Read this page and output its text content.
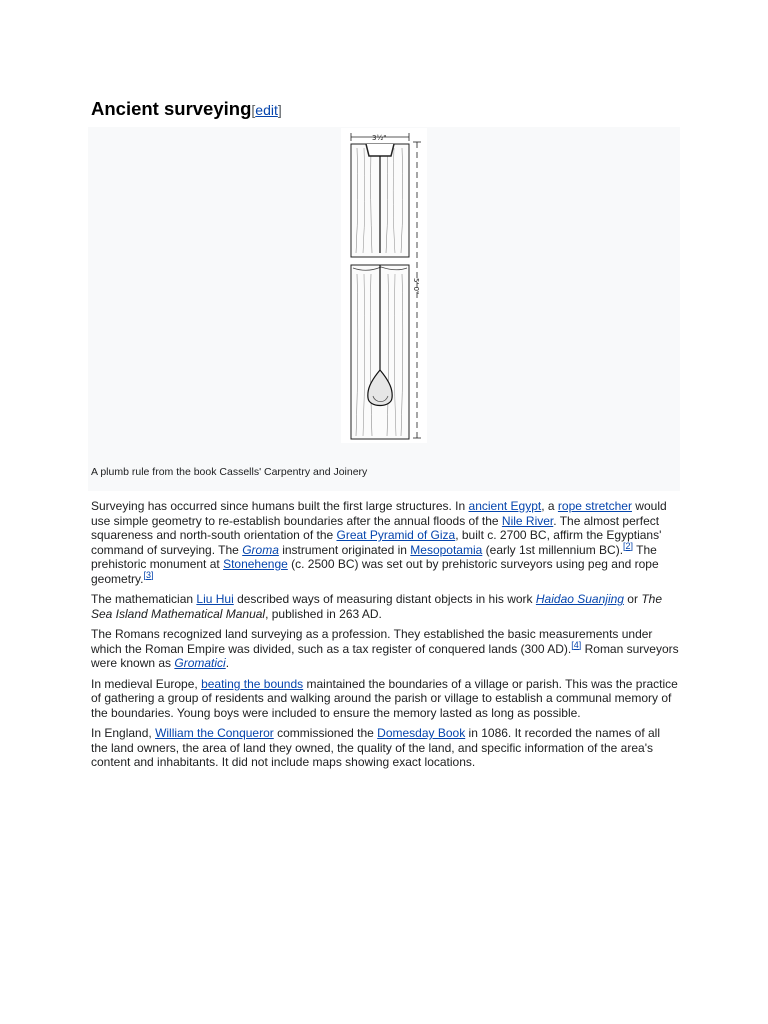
Ancient surveying[edit]
3½"
5' 0"
A plumb rule from the book Cassells' Carpentry and Joinery

Surveying has occurred since humans built the first large structures. In ancient Egypt, a rope stretcher would use simple geometry to re-establish boundaries after the annual floods of the Nile River. The almost perfect squareness and north-south orientation of the Great Pyramid of Giza, built c. 2700 BC, affirm the Egyptians' command of surveying. The Groma instrument originated in Mesopotamia (early 1st millennium BC).[2] The prehistoric monument at Stonehenge (c. 2500 BC) was set out by prehistoric surveyors using peg and rope geometry.[3]

The mathematician Liu Hui described ways of measuring distant objects in his work Haidao Suanjing or The Sea Island Mathematical Manual, published in 263 AD.

The Romans recognized land surveying as a profession. They established the basic measurements under which the Roman Empire was divided, such as a tax register of conquered lands (300 AD).[4] Roman surveyors were known as Gromatici.

In medieval Europe, beating the bounds maintained the boundaries of a village or parish. This was the practice of gathering a group of residents and walking around the parish or village to establish a communal memory of the boundaries. Young boys were included to ensure the memory lasted as long as possible.

In England, William the Conqueror commissioned the Domesday Book in 1086. It recorded the names of all the land owners, the area of land they owned, the quality of the land, and specific information of the area's content and inhabitants. It did not include maps showing exact locations.
